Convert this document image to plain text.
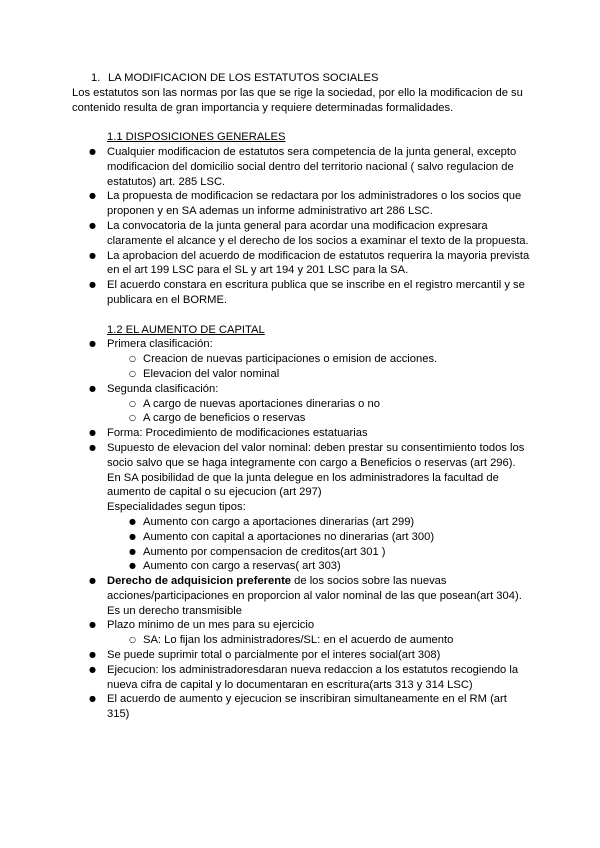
1. LA MODIFICACION DE LOS ESTATUTOS SOCIALES

Los estatutos son las normas por las que se rige la sociedad, por ello la modificacion de su contenido resulta de gran importancia y requiere determinadas formalidades.

1.1 DISPOSICIONES GENERALES
● Cualquier modificacion de estatutos sera competencia de la junta general, excepto modificacion del domicilio social dentro del territorio nacional ( salvo regulacion de estatutos) art. 285 LSC.
● La propuesta de modificacion se redactara por los administradores o los socios que proponen y en SA ademas un informe administrativo art 286 LSC.
● La convocatoria de la junta general para acordar una modificacion expresara claramente el alcance y el derecho de los socios a examinar el texto de la propuesta.
● La aprobacion del acuerdo de modificacion de estatutos requerira la mayoria prevista en el art 199 LSC para el SL y art 194 y 201 LSC para la SA.
● El acuerdo constara en escritura publica que se inscribe en el registro mercantil y se publicara en el BORME.
1.2 EL AUMENTO DE CAPITAL
● Primera clasificación:
○ Creacion de nuevas participaciones o emision de acciones.
○ Elevacion del valor nominal
● Segunda clasificación:
○ A cargo de nuevas aportaciones dinerarias o no
○ A cargo de beneficios o reservas
● Forma: Procedimiento de modificaciones estatuarias
● Supuesto de elevacion del valor nominal: deben prestar su consentimiento todos los socio salvo que se haga integramente con cargo a Beneficios o reservas (art 296).
En SA posibilidad de que la junta delegue en los administradores la facultad de aumento de capital o su ejecucion (art 297)
Especialidades segun tipos:
● Aumento con cargo a aportaciones dinerarias (art 299)
● Aumento con capital a aportaciones no dinerarias (art 300)
● Aumento por compensacion de creditos(art 301 )
● Aumento con cargo a reservas( art 303)
● Derecho de adquisicion preferente de los socios sobre las nuevas acciones/participaciones en proporcion al valor nominal de las que posean(art 304). Es un derecho transmisible
● Plazo minimo de un mes para su ejercicio
○ SA: Lo fijan los administradores/SL: en el acuerdo de aumento
● Se puede suprimir total o parcialmente por el interes social(art 308)
● Ejecucion: los administradoresdaran nueva redaccion a los estatutos recogiendo la nueva cifra de capital y lo documentaran en escritura(arts 313 y 314 LSC)
● El acuerdo de aumento y ejecucion se inscribiran simultaneamente en el RM (art 315)
